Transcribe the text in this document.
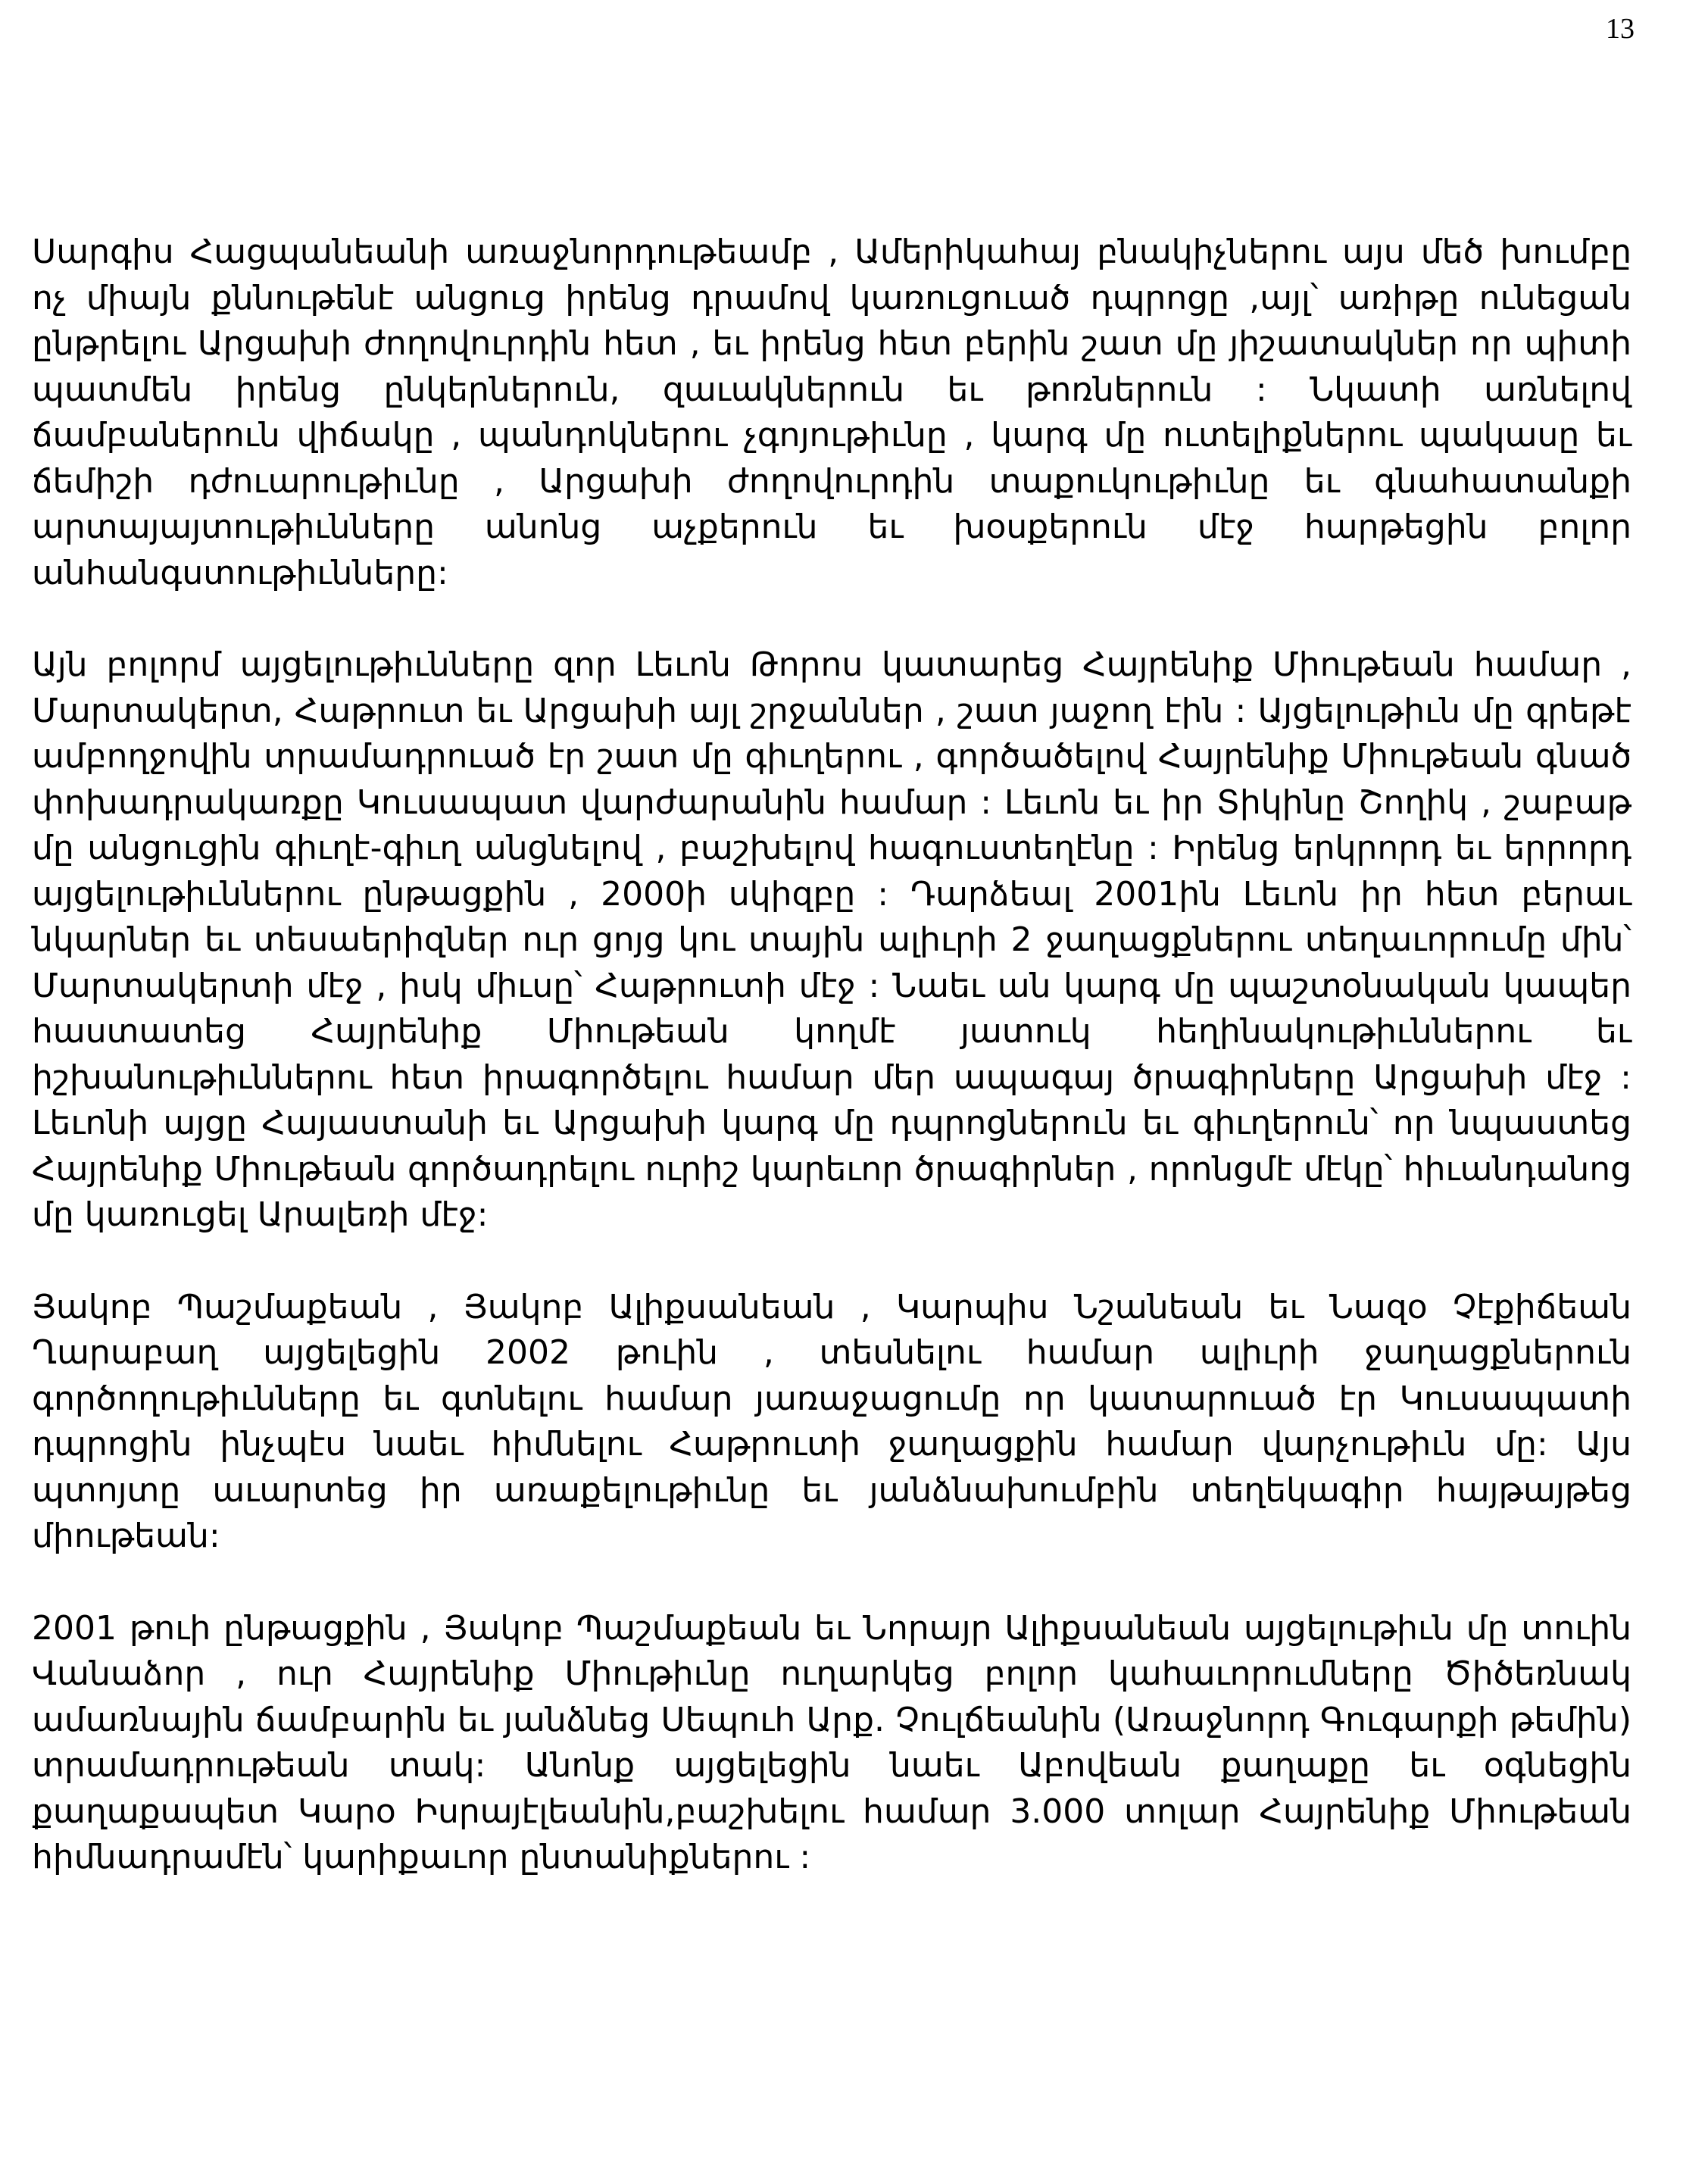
13

Սարգիս Հացպանեանի առաջնորդութեամբ , Ամերիկահայ բնակիչներու այս մեծ խումբը ոչ միայն քննութենէ անցուց իրենց դրամով կառուցուած դպրոցը ,այլ՝ առիթը ունեցան ընթրելու Արցախի ժողովուրդին հետ , եւ իրենց հետ բերին շատ մը յիշատակներ որ պիտի պատմեն իրենց ընկերներուն, զաւակներուն եւ թոռներուն : Նկատի առնելով ճամբաներուն վիճակը , պանդոկներու չգոյութիւնը , կարգ մը ուտելիքներու պակասը եւ ճեմիշի դժուարութիւնը , Արցախի ժողովուրդին տաքուկութիւնը եւ գնահատանքի արտայայտութիւնները անոնց աչքերուն եւ խօսքերուն մէջ հարթեցին բոլոր անհանգստութիւնները:

Այն բոլորմ այցելութիւնները զոր Լեւոն Թորոս կատարեց Հայրենիք Միութեան համար , Մարտակերտ, Հաթրուտ եւ Արցախի այլ շրջաններ , շատ յաջող էին : Այցելութիւն մը գրեթէ ամբողջովին տրամադրուած էր շատ մը գիւղերու , գործածելով Հայրենիք Միութեան գնած փոխադրակառքը Կուսապատ վարժարանին համար : Լեւոն եւ իր Տիկինը Շողիկ , շաբաթ մը անցուցին գիւղէ-գիւղ անցնելով , բաշխելով հագուստեղէնը : Իրենց երկրորդ եւ երրորդ այցելութիւններու ընթացքին , 2000ի սկիզբը : Դարձեալ 2001ին Լեւոն իր հետ բերաւ նկարներ եւ տեսաերիզներ ուր ցոյց կու տային ալիւրի 2 ջաղացքներու տեղաւորումը մին՝ Մարտակերտի մէջ , իսկ միւսը՝ Հաթրուտի մէջ : Նաեւ ան կարգ մը պաշտօնական կապեր հաստատեց Հայրենիք Միութեան կողմէ յատուկ հեղինակութիւններու եւ իշխանութիւններու հետ իրագործելու համար մեր ապագայ ծրագիրները Արցախի մէջ : Լեւոնի այցը Հայաստանի եւ Արցախի կարգ մը դպրոցներուն եւ գիւղերուն՝ որ նպաստեց Հայրենիք Միութեան գործադրելու ուրիշ կարեւոր ծրագիրներ , որոնցմէ մէկը՝ հիւանդանոց մը կառուցել Արալեռի մէջ:

Յակոբ Պաշմաքեան , Յակոբ Ալիքսանեան , Կարպիս Նշանեան եւ Նազօ Չէքիճեան Ղարաբաղ այցելեցին 2002 թուին , տեսնելու համար ալիւրի ջաղացքներուն գործողութիւնները եւ գտնելու համար յառաջացումը որ կատարուած էր Կուսապատի դպրոցին ինչպէս նաեւ հիմնելու Հաթրուտի ջաղացքին համար վարչութիւն մը: Այս պտոյտը աւարտեց իր առաքելութիւնը եւ յանձնախումբին տեղեկագիր հայթայթեց միութեան:

2001 թուի ընթացքին , Յակոբ Պաշմաքեան եւ Նորայր Ալիքսանեան այցելութիւն մը տուին Վանաձոր , ուր Հայրենիք Միութիւնը ուղարկեց բոլոր կահաւորումները Ծիծեռնակ ամառնային ճամբարին եւ յանձնեց Սեպուհ Արք. Չուլճեանին (Առաջնորդ Գուգարքի թեմին) տրամադրութեան տակ: Անոնք այցելեցին նաեւ Աբովեան քաղաքը եւ օգնեցին քաղաքապետ Կարօ Իսրայէլեանին,բաշխելու համար 3.000 տոլար Հայրենիք Միութեան հիմնադրամէն՝ կարիքաւոր ընտանիքներու :
